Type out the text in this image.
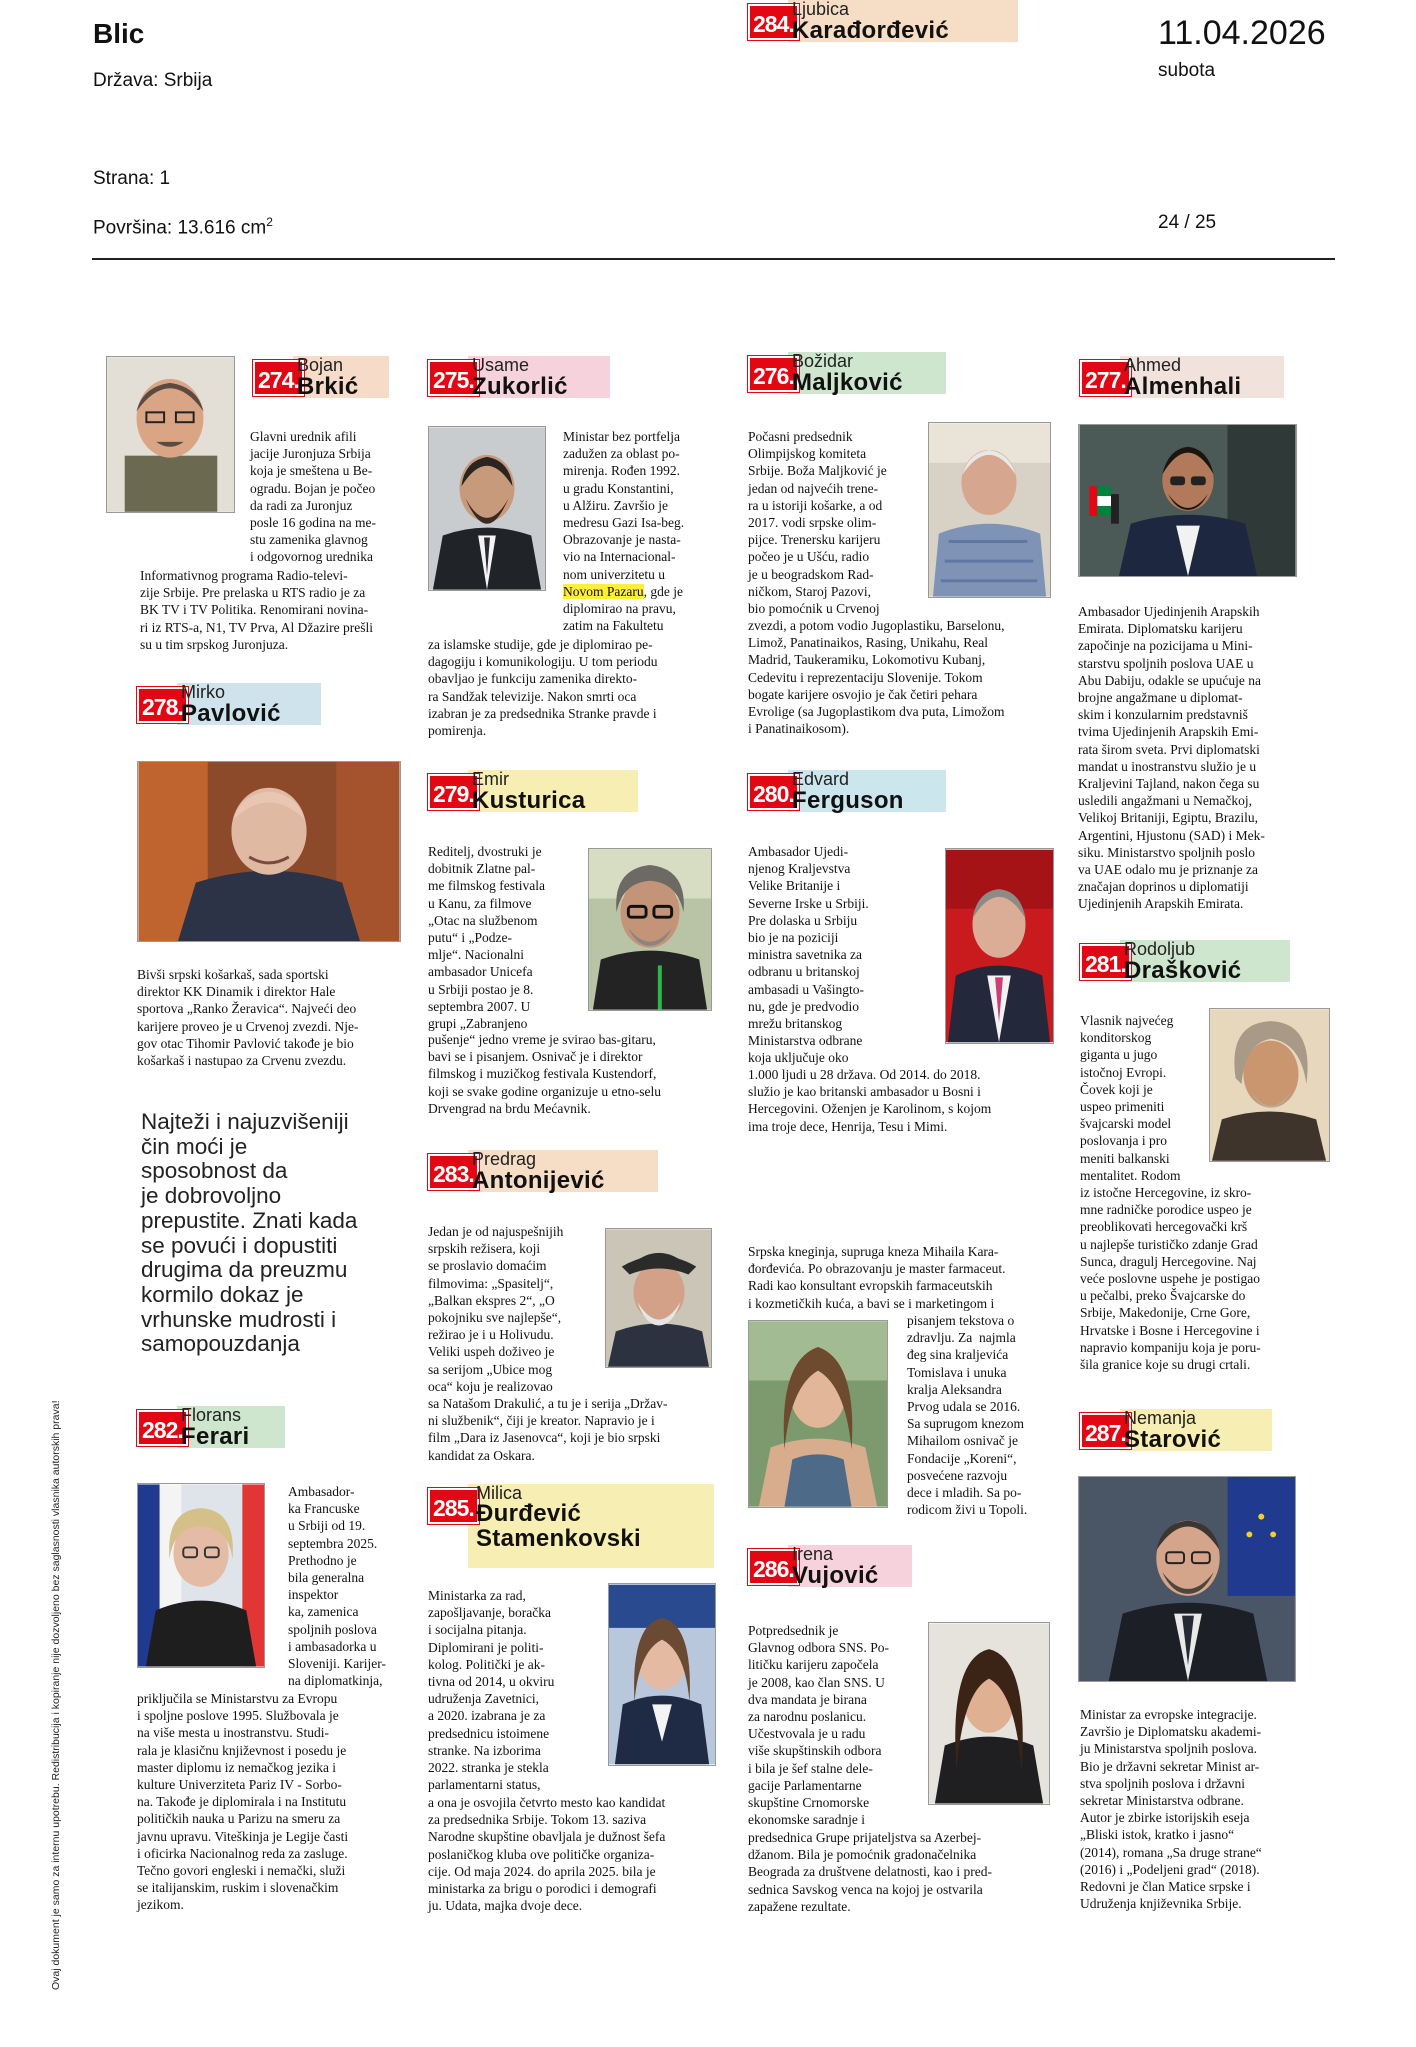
Blic
Država: Srbija
11.04.2026
subota
Strana: 1
Površina: 13.616 $cm^2$	24 / 25
Ovaj dokument je samo za internu upotrebu. Redistribucija i kopiranje nije dozvoljeno bez saglasnosti vlasnika autorskih prava!
274.
Bojan
Brkić
Glavni urednik afili
jacije Juronjuza Srbija
koja je smeštena u Be-
ogradu. Bojan je počeo
da radi za Juronjuz
posle 16 godina na me-
stu zamenika glavnog
i odgovornog urednika
Informativnog programa Radio-televi-
zije Srbije. Pre prelaska u RTS radio je za
BK TV i TV Politika. Renomirani novina-
ri iz RTS-a, N1, TV Prva, Al Džazire prešli
su u tim srpskog Juronjuza.
275.
Usame
Zukorlić
Ministar bez portfelja
zadužen za oblast po-
mirenja. Rođen 1992.
u gradu Konstantini,
u Alžiru. Završio je
medresu Gazi Isa-beg.
Obrazovanje je nasta-
vio na Internacional-
nom univerzitetu u
Novom Pazaru, gde je
diplomirao na pravu,
zatim na Fakultetu
za islamske studije, gde je diplomirao pe-
dagogiju i komunikologiju. U tom periodu
obavljao je funkciju zamenika direkto-
ra Sandžak televizije. Nakon smrti oca
izabran je za predsednika Stranke pravde i
pomirenja.
276.
Božidar
Maljković
Počasni predsednik
Olimpijskog komiteta
Srbije. Boža Maljković je
jedan od najvećih trene-
ra u istoriji košarke, a od
2017. vodi srpske olim-
pijce. Trenersku karijeru
počeo je u Ušću, radio
je u beogradskom Rad-
ničkom, Staroj Pazovi,
bio pomoćnik u Crvenoj
zvezdi, a potom vodio Jugoplastiku, Barselonu,
Limož, Panatinaikos, Rasing, Unikahu, Real
Madrid, Taukeramiku, Lokomotivu Kubanj,
Cedevitu i reprezentaciju Slovenije. Tokom
bogate karijere osvojio je čak četiri pehara
Evrolige (sa Jugoplastikom dva puta, Limožom
i Panatinaikosom).
277.
Ahmed
Almenhali
Ambasador Ujedinjenih Arapskih
Emirata. Diplomatsku karijeru
započinje na pozicijama u Mini-
starstvu spoljnih poslova UAE u
Abu Dabiju, odakle se upućuje na
brojne angažmane u diplomat-
skim i konzularnim predstavniš
tvima Ujedinjenih Arapskih Emi-
rata širom sveta. Prvi diplomatski
mandat u inostranstvu služio je u
Kraljevini Tajland, nakon čega su
usledili angažmani u Nemačkoj,
Velikoj Britaniji, Egiptu, Brazilu,
Argentini, Hjustonu (SAD) i Mek-
siku. Ministarstvo spoljnih poslo
va UAE odalo mu je priznanje za
značajan doprinos u diplomatiji
Ujedinjenih Arapskih Emirata.
278.
Mirko
Pavlović
Bivši srpski košarkaš, sada sportski
direktor KK Dinamik i direktor Hale
sportova „Ranko Žeravica“. Najveći deo
karijere proveo je u Crvenoj zvezdi. Nje-
gov otac Tihomir Pavlović takođe je bio
košarkaš i nastupao za Crvenu zvezdu.
Najteži i najuzvišeniji
čin moći je
sposobnost da
je dobrovoljno
prepustite. Znati kada
se povući i dopustiti
drugima da preuzmu
kormilo dokaz je
vrhunske mudrosti i
samopouzdanja
279.
Emir
Kusturica
Reditelj, dvostruki je
dobitnik Zlatne pal-
me filmskog festivala
u Kanu, za filmove
„Otac na službenom
putu“ i „Podze-
mlje“. Nacionalni
ambasador Unicefa
u Srbiji postao je 8.
septembra 2007. U
grupi „Zabranjeno
pušenje“ jedno vreme je svirao bas-gitaru,
bavi se i pisanjem. Osnivač je i direktor
filmskog i muzičkog festivala Kustendorf,
koji se svake godine organizuje u etno-selu
Drvengrad na brdu Mećavnik.
280.
Edvard
Ferguson
Ambasador Ujedi-
njenog Kraljevstva
Velike Britanije i
Severne Irske u Srbiji.
Pre dolaska u Srbiju
bio je na poziciji
ministra savetnika za
odbranu u britanskoj
ambasadi u Vašingto-
nu, gde je predvodio
mrežu britanskog
Ministarstva odbrane
koja uključuje oko
1.000 ljudi u 28 država. Od 2014. do 2018.
služio je kao britanski ambasador u Bosni i
Hercegovini. Oženjen je Karolinom, s kojom
ima troje dece, Henrija, Tesu i Mimi.
281.
Rodoljub
Drašković
Vlasnik najvećeg
konditorskog
giganta u jugo
istočnoj Evropi.
Čovek koji je
uspeo primeniti
švajcarski model
poslovanja i pro
meniti balkanski
mentalitet. Rodom
iz istočne Hercegovine, iz skro-
mne radničke porodice uspeo je
preoblikovati hercegovački krš
u najlepše turističko zdanje Grad
Sunca, dragulj Hercegovine. Naj
veće poslovne uspehe je postigao
u pečalbi, preko Švajcarske do
Srbije, Makedonije, Crne Gore,
Hrvatske i Bosne i Hercegovine i
napravio kompaniju koja je poru-
šila granice koje su drugi crtali.
282.
Florans
Ferari
Ambasador-
ka Francuske
u Srbiji od 19.
septembra 2025.
Prethodno je
bila generalna
inspektor
ka, zamenica
spoljnih poslova
i ambasadorka u
Sloveniji. Karijer-
na diplomatkinja,
priključila se Ministarstvu za Evropu
i spoljne poslove 1995. Službovala je
na više mesta u inostranstvu. Studi-
rala je klasičnu književnost i posedu je
master diplomu iz nemačkog jezika i
kulture Univerziteta Pariz IV - Sorbo-
na. Takođe je diplomirala i na Institutu
političkih nauka u Parizu na smeru za
javnu upravu. Viteškinja je Legije časti
i oficirka Nacionalnog reda za zasluge.
Tečno govori engleski i nemački, služi
se italijanskim, ruskim i slovenačkim
jezikom.
283.
Predrag
Antonijević
Jedan je od najuspešnijih
srpskih režisera, koji
se proslavio domaćim
filmovima: „Spasitelj“,
„Balkan ekspres 2“, „O
pokojniku sve najlepše“,
režirao je i u Holivudu.
Veliki uspeh doživeo je
sa serijom „Ubice mog
oca“ koju je realizovao
sa Natašom Drakulić, a tu je i serija „Držav-
ni službenik“, čiji je kreator. Napravio je i
film „Dara iz Jasenovca“, koji je bio srpski
kandidat za Oskara.
284.
Ljubica
Karađorđević
Srpska kneginja, supruga kneza Mihaila Kara-
đorđevića. Po obrazovanju je master farmaceut.
Radi kao konsultant evropskih farmaceutskih
i kozmetičkih kuća, a bavi se i marketingom i
pisanjem tekstova o
zdravlju. Za  najmla
đeg sina kraljevića
Tomislava i unuka
kralja Aleksandra
Prvog udala se 2016.
Sa suprugom knezom
Mihailom osnivač je
Fondacije „Koreni“,
posvećene razvoju
dece i mladih. Sa po-
rodicom živi u Topoli.
285.
Milica
Đurđević
Stamenkovski
Ministarka za rad,
zapošljavanje, boračka
i socijalna pitanja.
Diplomirani je politi-
kolog. Politički je ak-
tivna od 2014, u okviru
udruženja Zavetnici,
a 2020. izabrana je za
predsednicu istoimene
stranke. Na izborima
2022. stranka je stekla
parlamentarni status,
a ona je osvojila četvrto mesto kao kandidat
za predsednika Srbije. Tokom 13. saziva
Narodne skupštine obavljala je dužnost šefa
poslaničkog kluba ove političke organiza-
cije. Od maja 2024. do aprila 2025. bila je
ministarka za brigu o porodici i demografi
ju. Udata, majka dvoje dece.
286.
Irena
Vujović
Potpredsednik je
Glavnog odbora SNS. Po-
litičku karijeru započela
je 2008, kao član SNS. U
dva mandata je birana
za narodnu poslanicu.
Učestvovala je u radu
više skupštinskih odbora
i bila je šef stalne dele-
gacije Parlamentarne
skupštine Crnomorske
ekonomske saradnje i
predsednica Grupe prijateljstva sa Azerbej-
džanom. Bila je pomoćnik gradonačelnika
Beograda za društvene delatnosti, kao i pred-
sednica Savskog venca na kojoj je ostvarila
zapažene rezultate.
287.
Nemanja
Starović
Ministar za evropske integracije.
Završio je Diplomatsku akademi-
ju Ministarstva spoljnih poslova.
Bio je državni sekretar Minist ar-
stva spoljnih poslova i državni
sekretar Ministarstva odbrane.
Autor je zbirke istorijskih eseja
„Bliski istok, kratko i jasno“
(2014), romana „Sa druge strane“
(2016) i „Podeljeni grad“ (2018).
Redovni je član Matice srpske i
Udruženja književnika Srbije.
